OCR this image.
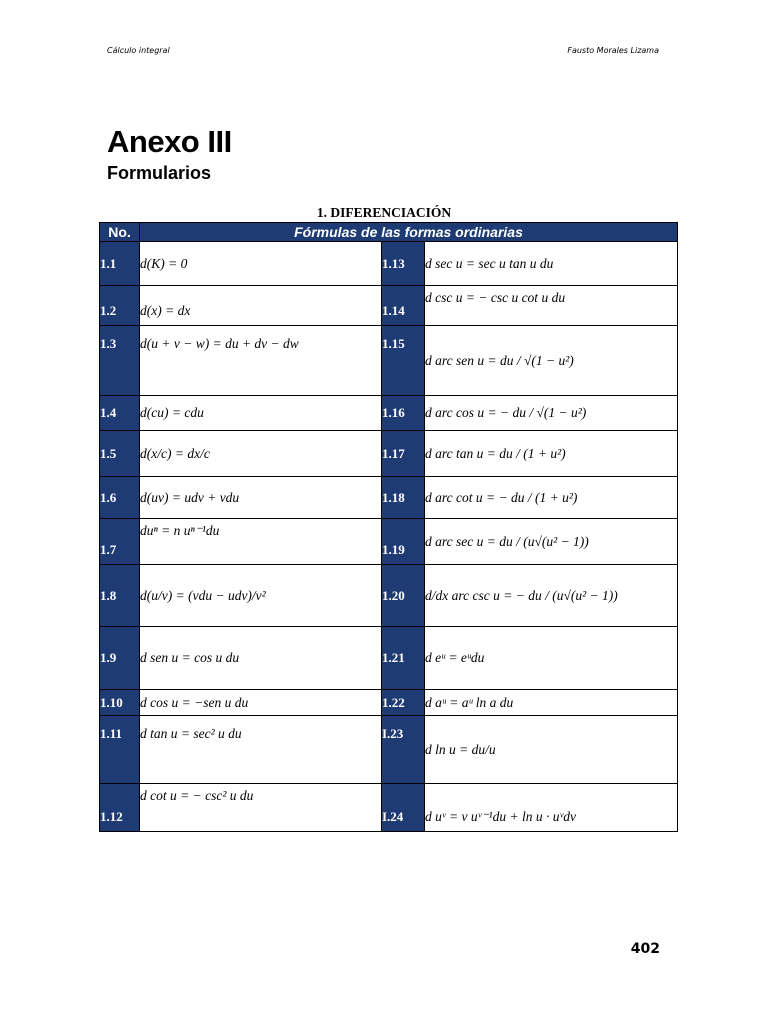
Cálculo integral	Fausto Morales Lizama
Anexo III
Formularios
1. DIFERENCIACIÓN
No.	Fórmulas de las formas ordinarias		
1.1	d(K) = 0	1.13	d sec u = sec u tan u du
1.2	d(x) = dx	1.14	d csc u = − csc u cot u du
1.3	d(u + v − w) = du + dv − dw	1.15	d arc sen u = du / √(1 − u²)
1.4	d(cu) = cdu	1.16	d arc cos u = − du / √(1 − u²)
1.5	d(x/c) = dx/c	1.17	d arc tan u = du / (1 + u²)
1.6	d(uv) = udv + vdu	1.18	d arc cot u = − du / (1 + u²)
1.7	duⁿ = n uⁿ⁻¹du	1.19	d arc sec u = du / (u√(u² − 1))
1.8	d(u/v) = (vdu − udv)/v²	1.20	d/dx arc csc u = − du / (u√(u² − 1))
1.9	d sen u = cos u du	1.21	d eᵘ = eᵘdu
1.10	d cos u = −sen u du	1.22	d aᵘ = aᵘ ln a du
1.11	d tan u = sec² u du	I.23	d ln u = du/u
1.12	d cot u = − csc² u du	I.24	d uᵛ = v uᵛ⁻¹du + ln u · uᵛdv
402
